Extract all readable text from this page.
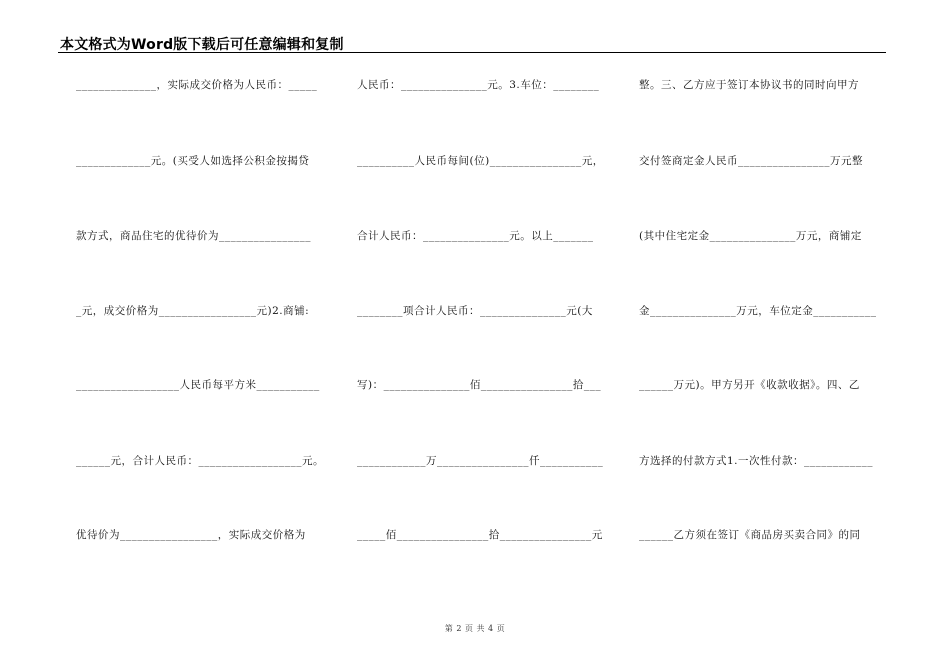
本文格式为Word版下载后可任意编辑和复制
______________，实际成交价格为人民币：_____
_____________元。(买受人如选择公积金按揭贷
款方式，商品住宅的优待价为________________
_元，成交价格为_________________元)2.商铺:
__________________人民币每平方米___________
______元，合计人民币：__________________元。
优待价为_________________，实际成交价格为
人民币：_______________元。3.车位：________
__________人民币每间(位)________________元，
合计人民币：_______________元。以上_______
________项合计人民币：_______________元(大
写)：_______________佰________________拾___
____________万________________仟___________
_____佰________________拾________________元
整。三、乙方应于签订本协议书的同时向甲方
交付签商定金人民币________________万元整
(其中住宅定金_______________万元，商铺定
金_______________万元，车位定金___________
______万元)。甲方另开《收款收据》。四、乙
方选择的付款方式1.一次性付款：____________
______乙方须在签订《商品房买卖合同》的同
第 2 页 共 4 页
